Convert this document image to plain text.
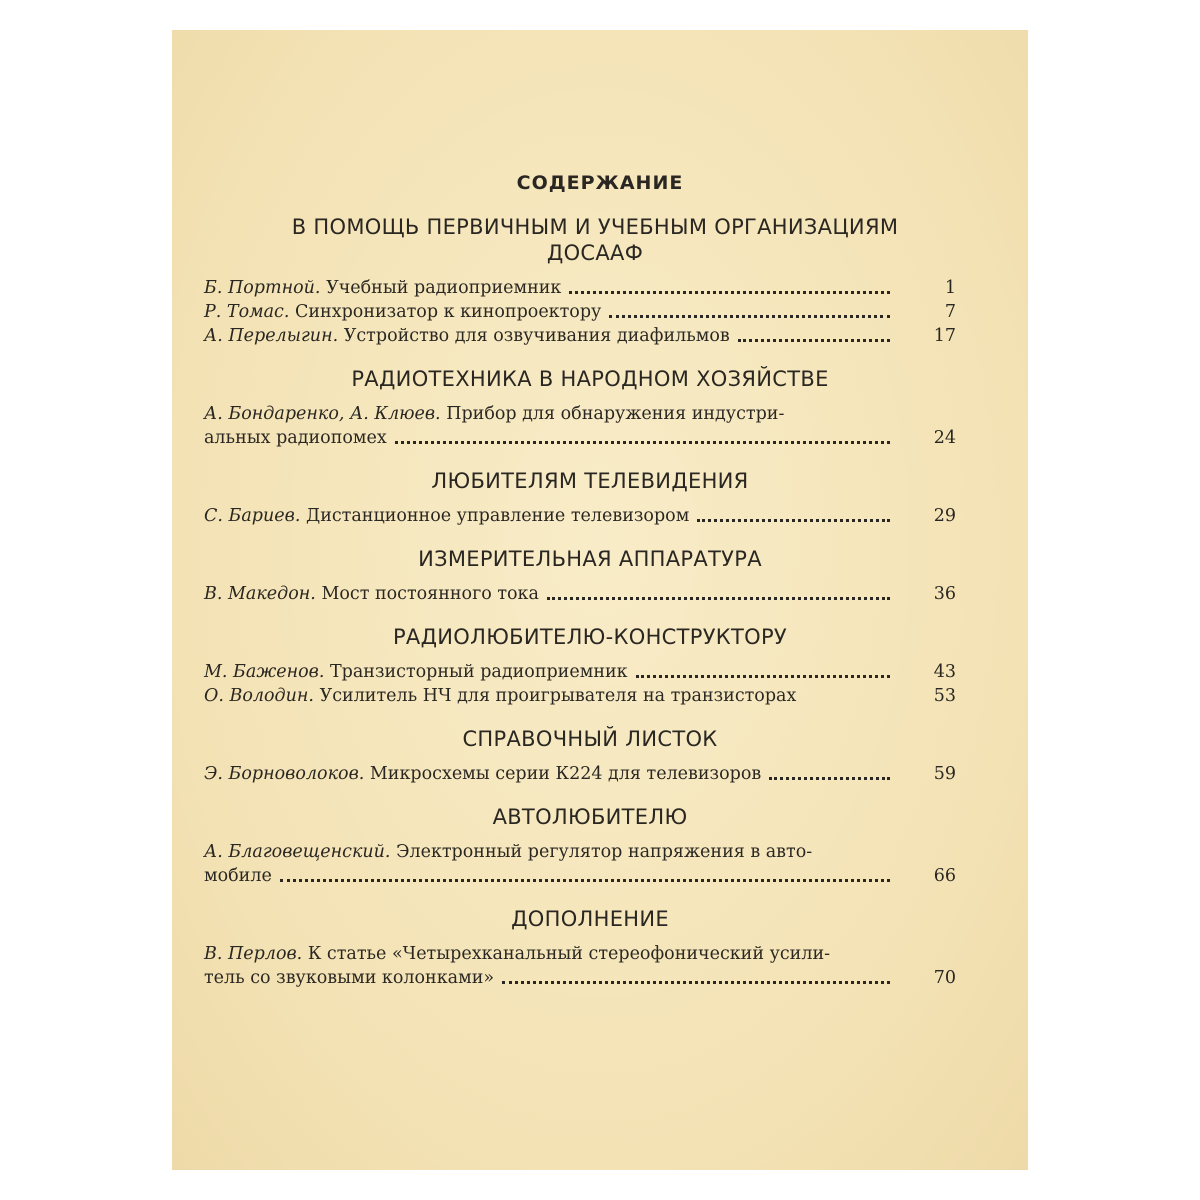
СОДЕРЖАНИЕ
В ПОМОЩЬ ПЕРВИЧНЫМ И УЧЕБНЫМ ОРГАНИЗАЦИЯМ ДОСААФ
Б. Портной. Учебный радиоприемник	1
Р. Томас. Синхронизатор к кинопроектору	7
А. Перелыгин. Устройство для озвучивания диафильмов	17
РАДИОТЕХНИКА В НАРОДНОМ ХОЗЯЙСТВЕ
А. Бондаренко, А. Клюев. Прибор для обнаружения индустри-
альных радиопомех	24
ЛЮБИТЕЛЯМ ТЕЛЕВИДЕНИЯ
С. Бариев. Дистанционное управление телевизором	29
ИЗМЕРИТЕЛЬНАЯ АППАРАТУРА
В. Македон. Мост постоянного тока	36
РАДИОЛЮБИТЕЛЮ-КОНСТРУКТОРУ
М. Баженов. Транзисторный радиоприемник	43
О. Володин. Усилитель НЧ для проигрывателя на транзисторах	53
СПРАВОЧНЫЙ ЛИСТОК
Э. Борноволоков. Микросхемы серии К224 для телевизоров	59
АВТОЛЮБИТЕЛЮ
А. Благовещенский. Электронный регулятор напряжения в авто-
мобиле	66
ДОПОЛНЕНИЕ
В. Перлов. К статье «Четырехканальный стереофонический усили-
тель со звуковыми колонками»	70
